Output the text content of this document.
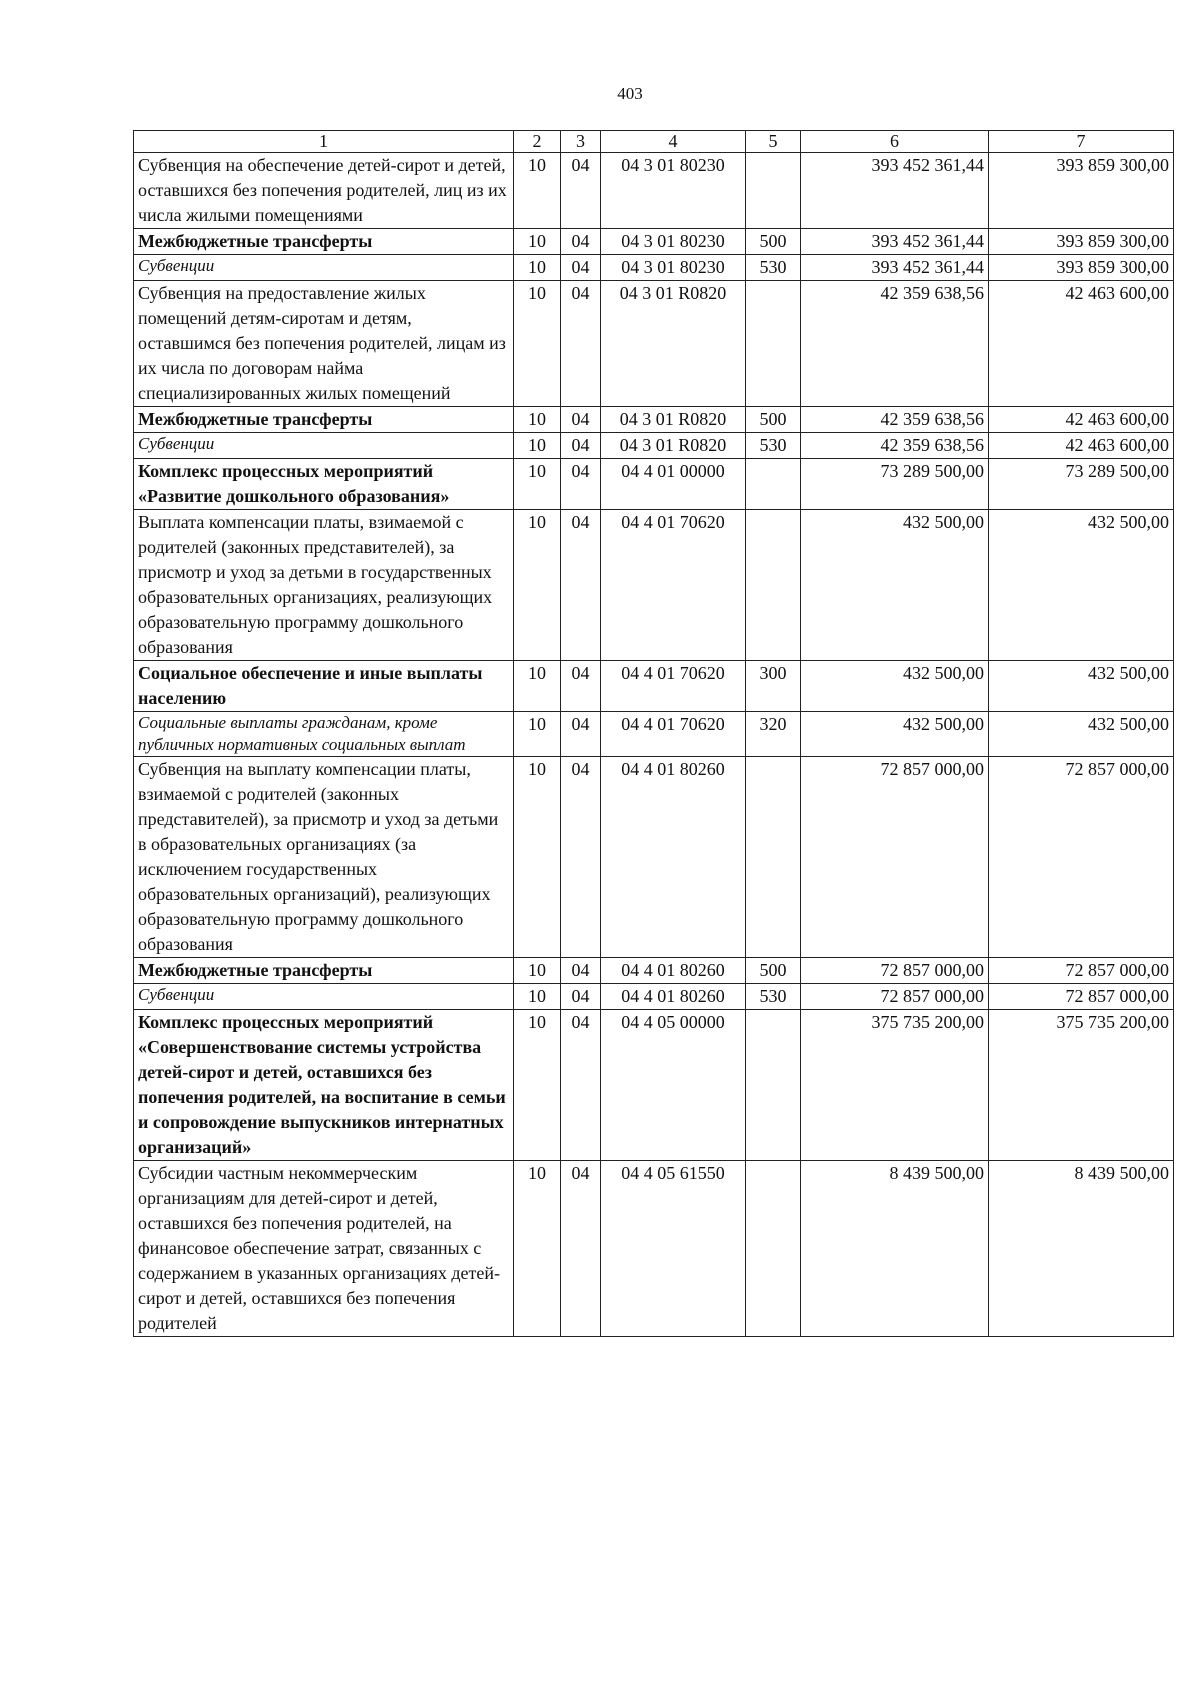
403
1	2	3	4	5	6	7
Субвенция на обеспечение детей-сирот и детей, оставшихся без попечения родителей, лиц из их числа жилыми помещениями	10	04	04 3 01 80230		393 452 361,44	393 859 300,00
Межбюджетные трансферты	10	04	04 3 01 80230	500	393 452 361,44	393 859 300,00
Субвенции	10	04	04 3 01 80230	530	393 452 361,44	393 859 300,00
Субвенция на предоставление жилых помещений детям-сиротам и детям, оставшимся без попечения родителей, лицам из их числа по договорам найма специализированных жилых помещений	10	04	04 3 01 R0820		42 359 638,56	42 463 600,00
Межбюджетные трансферты	10	04	04 3 01 R0820	500	42 359 638,56	42 463 600,00
Субвенции	10	04	04 3 01 R0820	530	42 359 638,56	42 463 600,00
Комплекс процессных мероприятий «Развитие дошкольного образования»	10	04	04 4 01 00000		73 289 500,00	73 289 500,00
Выплата компенсации платы, взимаемой с родителей (законных представителей), за присмотр и уход за детьми в государственных образовательных организациях, реализующих образовательную программу дошкольного образования	10	04	04 4 01 70620		432 500,00	432 500,00
Социальное обеспечение и иные выплаты населению	10	04	04 4 01 70620	300	432 500,00	432 500,00
Социальные выплаты гражданам, кроме публичных нормативных социальных выплат	10	04	04 4 01 70620	320	432 500,00	432 500,00
Субвенция на выплату компенсации платы, взимаемой с родителей (законных представителей), за присмотр и уход за детьми в образовательных организациях (за исключением государственных образовательных организаций), реализующих образовательную программу дошкольного образования	10	04	04 4 01 80260		72 857 000,00	72 857 000,00
Межбюджетные трансферты	10	04	04 4 01 80260	500	72 857 000,00	72 857 000,00
Субвенции	10	04	04 4 01 80260	530	72 857 000,00	72 857 000,00
Комплекс процессных мероприятий «Совершенствование системы устройства детей-сирот и детей, оставшихся без попечения родителей, на воспитание в семьи и сопровождение выпускников интернатных организаций»	10	04	04 4 05 00000		375 735 200,00	375 735 200,00
Субсидии частным некоммерческим организациям для детей-сирот и детей, оставшихся без попечения родителей, на финансовое обеспечение затрат, связанных с содержанием в указанных организациях детей-сирот и детей, оставшихся без попечения родителей	10	04	04 4 05 61550		8 439 500,00	8 439 500,00
